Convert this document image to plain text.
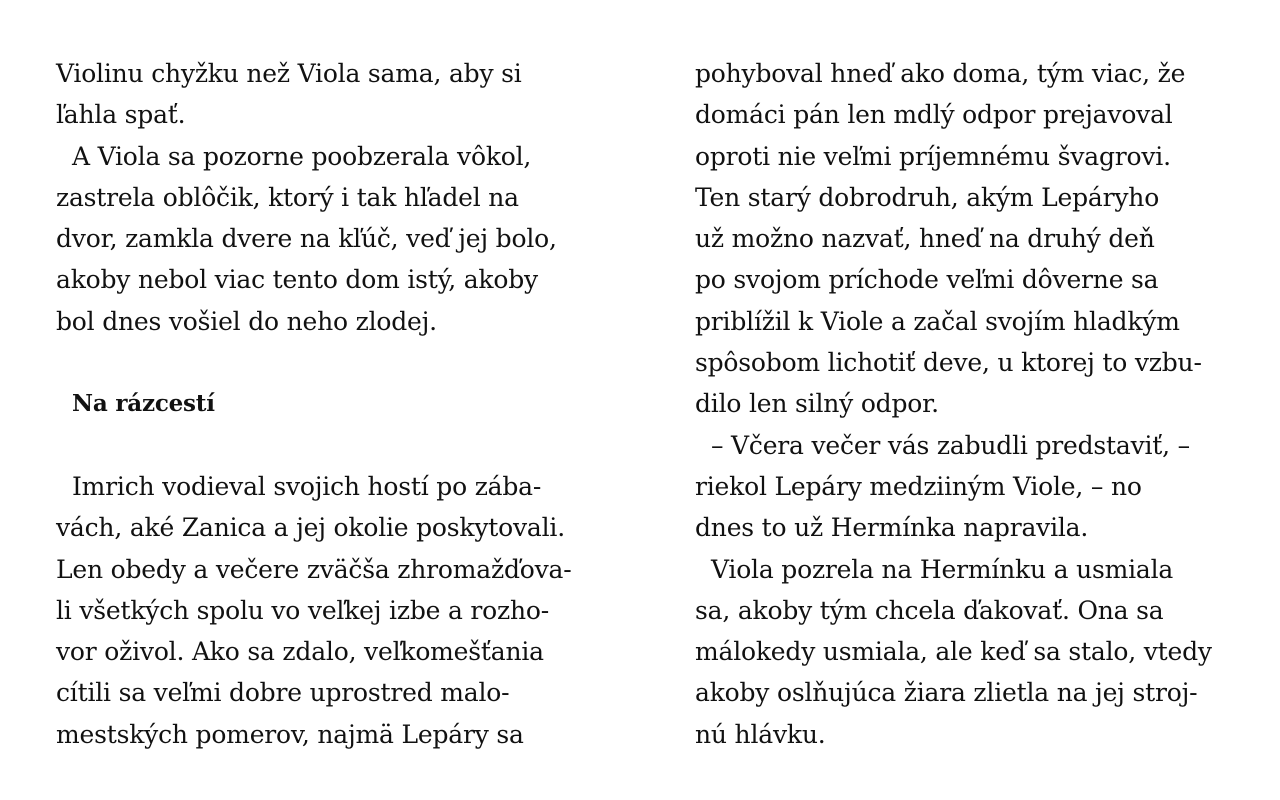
Violinu chyžku než Viola sama, aby si
ľahla spať.
A Viola sa pozorne poobzerala vôkol,
zastrela oblôčik, ktorý i tak hľadel na
dvor, zamkla dvere na kľúč, veď jej bolo,
akoby nebol viac tento dom istý, akoby
bol dnes vošiel do neho zlodej.
Na rázcestí
Imrich vodieval svojich hostí po zába-
vách, aké Zanica a jej okolie poskytovali.
Len obedy a večere zväčša zhromažďova-
li všetkých spolu vo veľkej izbe a rozho-
vor oživol. Ako sa zdalo, veľkomešťania
cítili sa veľmi dobre uprostred malo-
mestských pomerov, najmä Lepáry sa
pohyboval hneď ako doma, tým viac, že
domáci pán len mdlý odpor prejavoval
oproti nie veľmi príjemnému švagrovi.
Ten starý dobrodruh, akým Lepáryho
už možno nazvať, hneď na druhý deň
po svojom príchode veľmi dôverne sa
priblížil k Viole a začal svojím hladkým
spôsobom lichotiť deve, u ktorej to vzbu-
dilo len silný odpor.
– Včera večer vás zabudli predstaviť, –
riekol Lepáry medziiným Viole, – no
dnes to už Hermínka napravila.
Viola pozrela na Hermínku a usmiala
sa, akoby tým chcela ďakovať. Ona sa
málokedy usmiala, ale keď sa stalo, vtedy
akoby oslňujúca žiara zlietla na jej stroj-
nú hlávku.
